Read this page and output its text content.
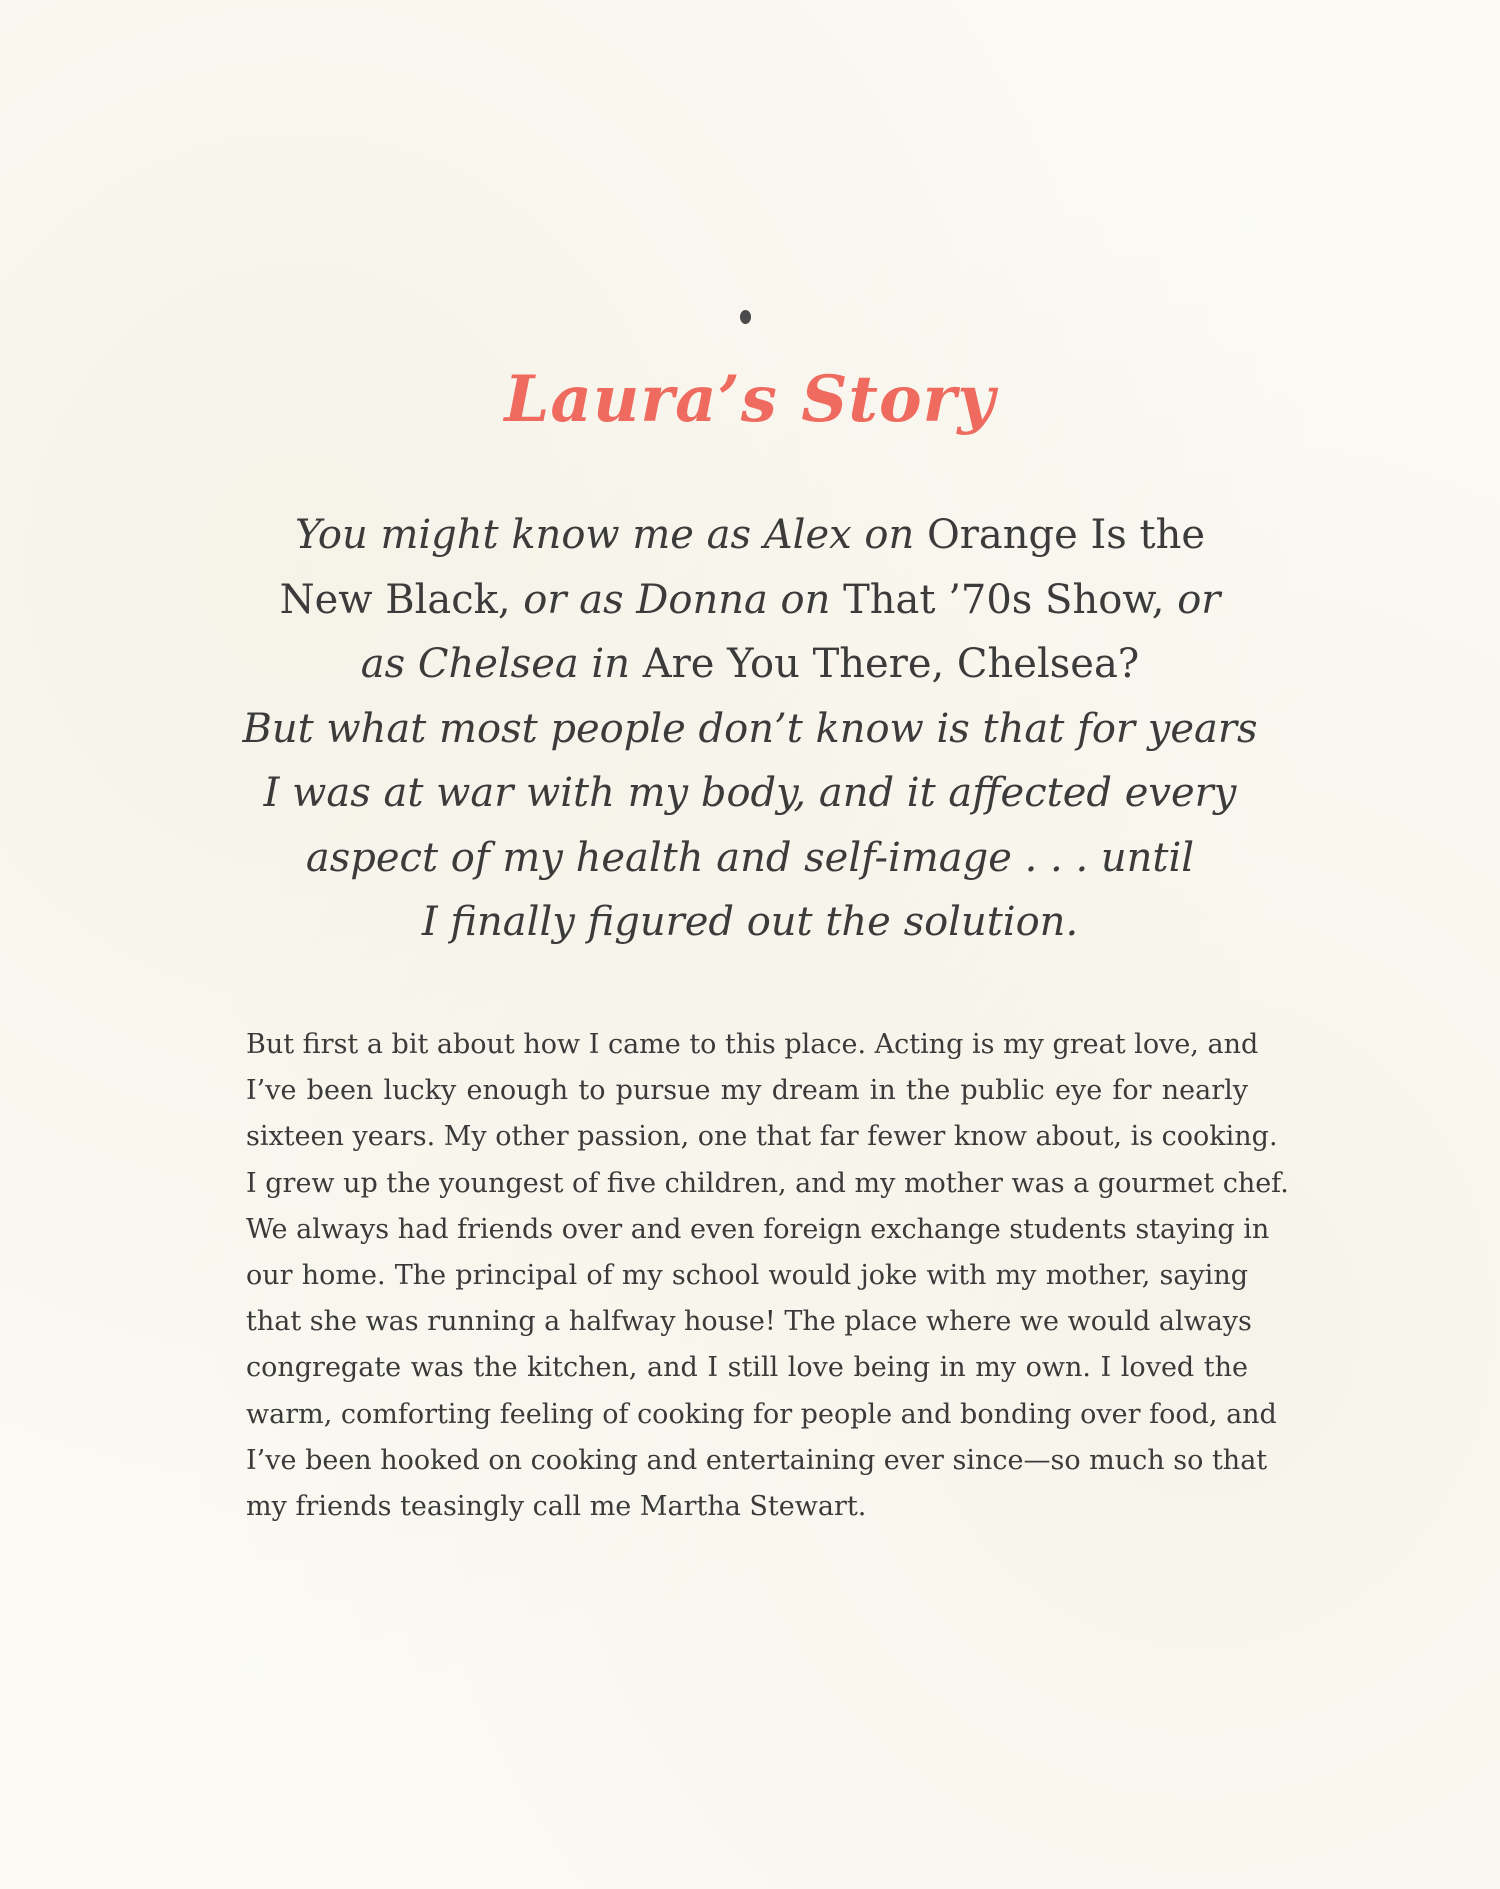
Laura’s Story
You might know me as Alex on Orange Is the
New Black, or as Donna on That ’70s Show, or
as Chelsea in Are You There, Chelsea?
But what most people don’t know is that for years
I was at war with my body, and it affected every
aspect of my health and self-image . . . until
I finally figured out the solution.
But first a bit about how I came to this place. Acting is my great love, and
I’ve been lucky enough to pursue my dream in the public eye for nearly
sixteen years. My other passion, one that far fewer know about, is cooking.
I grew up the youngest of five children, and my mother was a gourmet chef.
We always had friends over and even foreign exchange students staying in
our home. The principal of my school would joke with my mother, saying
that she was running a halfway house! The place where we would always
congregate was the kitchen, and I still love being in my own. I loved the
warm, comforting feeling of cooking for people and bonding over food, and
I’ve been hooked on cooking and entertaining ever since—so much so that
my friends teasingly call me Martha Stewart.
